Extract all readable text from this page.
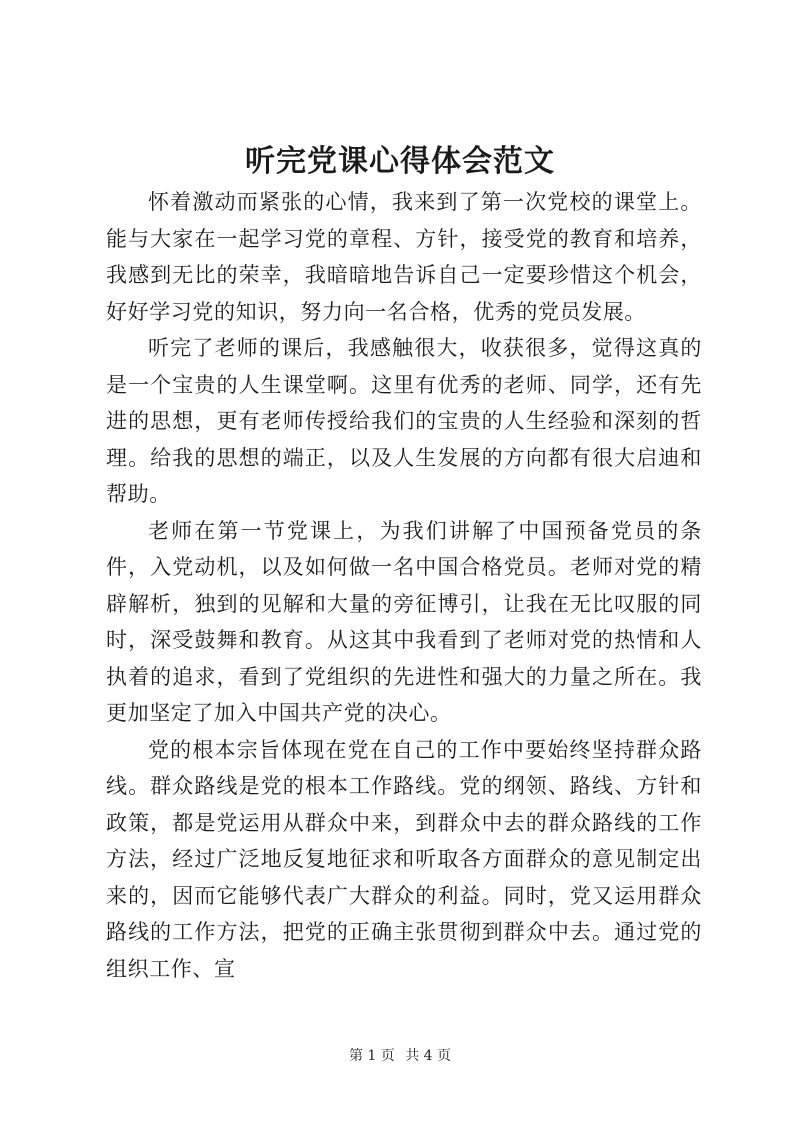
听完党课心得体会范文

怀着激动而紧张的心情，我来到了第一次党校的课堂上。能与大家在一起学习党的章程、方针，接受党的教育和培养，我感到无比的荣幸，我暗暗地告诉自己一定要珍惜这个机会，好好学习党的知识，努力向一名合格，优秀的党员发展。

听完了老师的课后，我感触很大，收获很多，觉得这真的是一个宝贵的人生课堂啊。这里有优秀的老师、同学，还有先进的思想，更有老师传授给我们的宝贵的人生经验和深刻的哲理。给我的思想的端正，以及人生发展的方向都有很大启迪和帮助。

老师在第一节党课上，为我们讲解了中国预备党员的条件，入党动机，以及如何做一名中国合格党员。老师对党的精辟解析，独到的见解和大量的旁征博引，让我在无比叹服的同时，深受鼓舞和教育。从这其中我看到了老师对党的热情和人执着的追求，看到了党组织的先进性和强大的力量之所在。我更加坚定了加入中国共产党的决心。

党的根本宗旨体现在党在自己的工作中要始终坚持群众路线。群众路线是党的根本工作路线。党的纲领、路线、方针和政策，都是党运用从群众中来，到群众中去的群众路线的工作方法，经过广泛地反复地征求和听取各方面群众的意见制定出来的，因而它能够代表广大群众的利益。同时，党又运用群众路线的工作方法，把党的正确主张贯彻到群众中去。通过党的组织工作、宣

第 1 页 共 4 页
